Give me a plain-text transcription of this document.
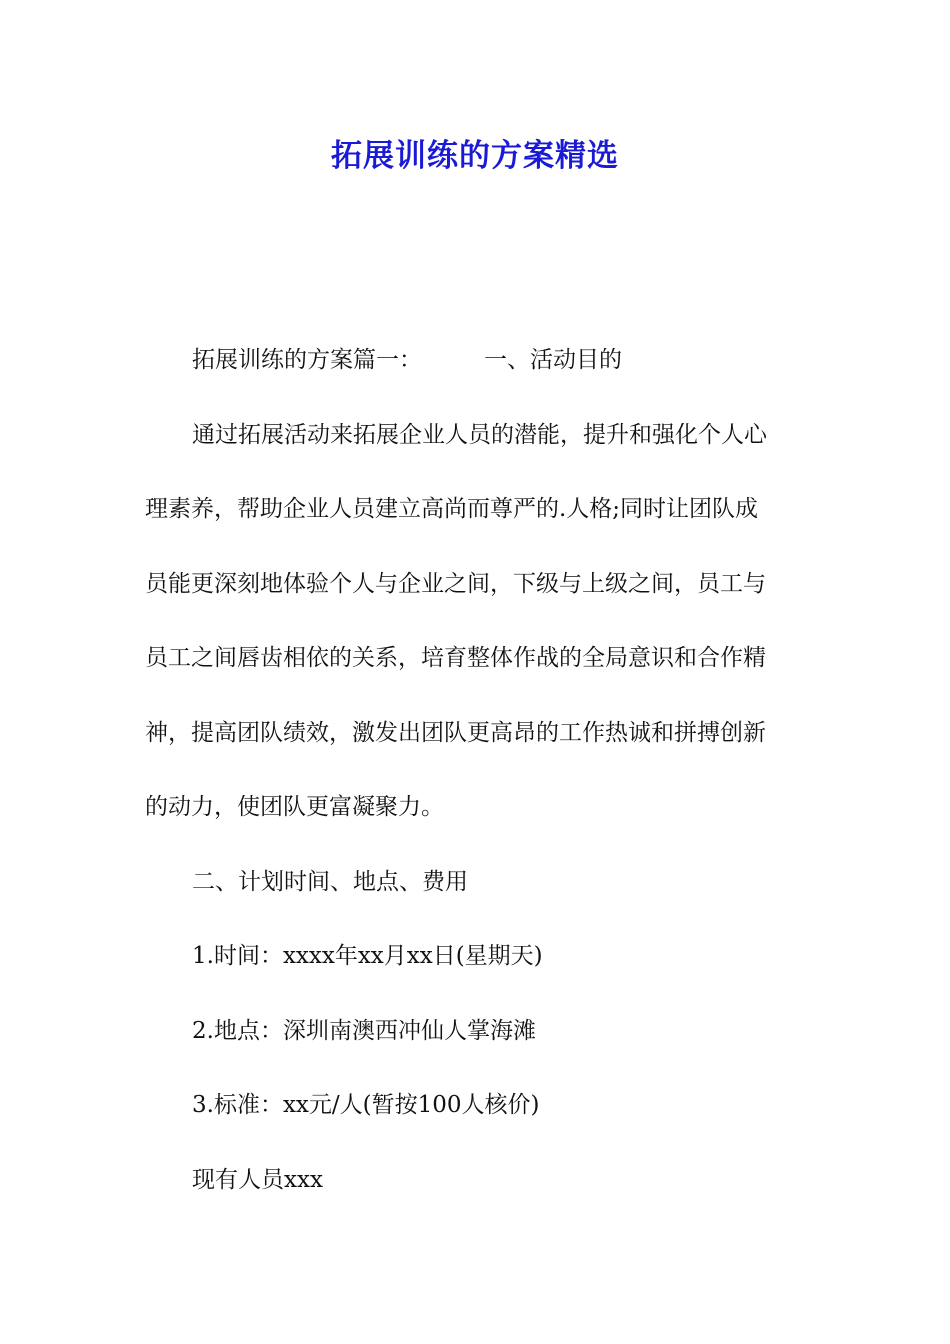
拓展训练的方案精选
拓展训练的方案篇一：	一、活动目的
通过拓展活动来拓展企业人员的潜能，提升和强化个人心
理素养，帮助企业人员建立高尚而尊严的.人格;同时让团队成
员能更深刻地体验个人与企业之间，下级与上级之间，员工与
员工之间唇齿相依的关系，培育整体作战的全局意识和合作精
神，提高团队绩效，激发出团队更高昂的工作热诚和拼搏创新
的动力，使团队更富凝聚力。
二、计划时间、地点、费用
1.时间：xxxx年xx月xx日(星期天)
2.地点：深圳南澳西冲仙人掌海滩
3.标准：xx元/人(暂按100人核价)
现有人员xxx
